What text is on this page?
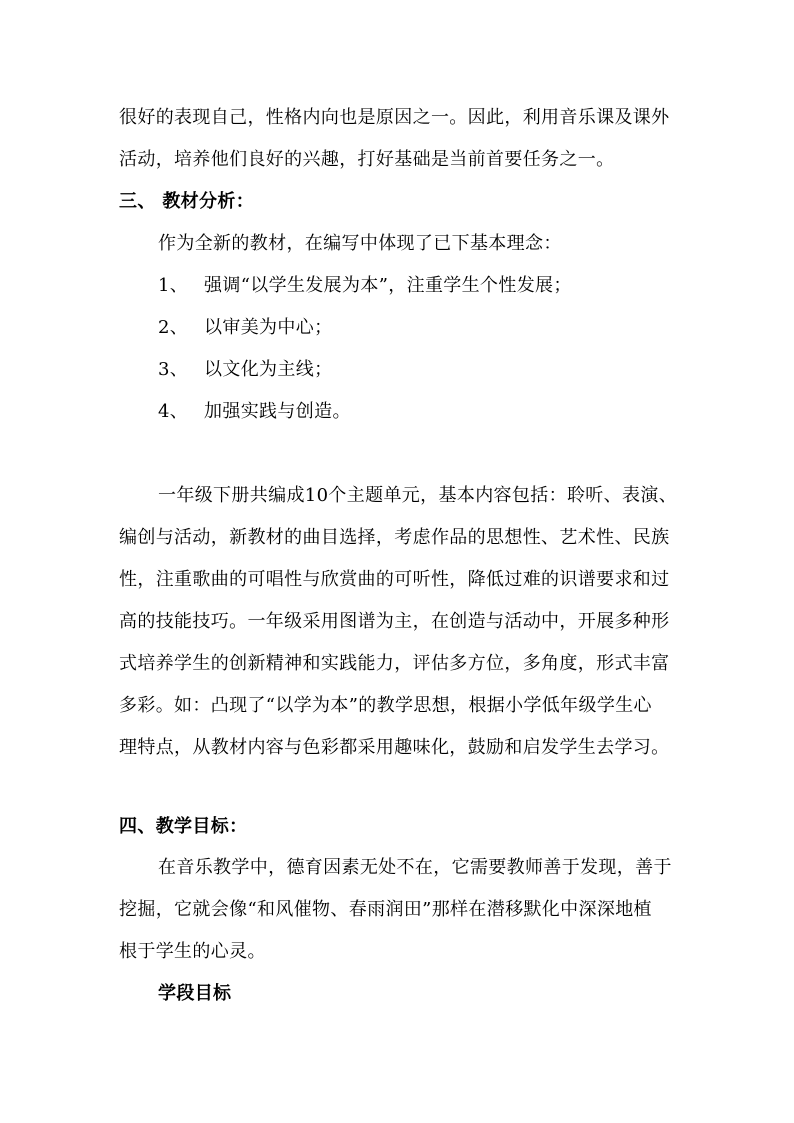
很好的表现自己，性格内向也是原因之一。因此，利用音乐课及课外
活动，培养他们良好的兴趣，打好基础是当前首要任务之一。
三、 教材分析：
作为全新的教材，在编写中体现了已下基本理念：
1、 强调“以学生发展为本”，注重学生个性发展；
2、 以审美为中心；
3、 以文化为主线；
4、 加强实践与创造。
一年级下册共编成10个主题单元，基本内容包括：聆听、表演、
编创与活动，新教材的曲目选择，考虑作品的思想性、艺术性、民族
性，注重歌曲的可唱性与欣赏曲的可听性，降低过难的识谱要求和过
高的技能技巧。一年级采用图谱为主，在创造与活动中，开展多种形
式培养学生的创新精神和实践能力，评估多方位，多角度，形式丰富
多彩。如：凸现了“以学为本”的教学思想，根据小学低年级学生心
理特点，从教材内容与色彩都采用趣味化，鼓励和启发学生去学习。
四、教学目标：
在音乐教学中，德育因素无处不在，它需要教师善于发现，善于
挖掘，它就会像“和风催物、春雨润田”那样在潜移默化中深深地植
根于学生的心灵。
学段目标
